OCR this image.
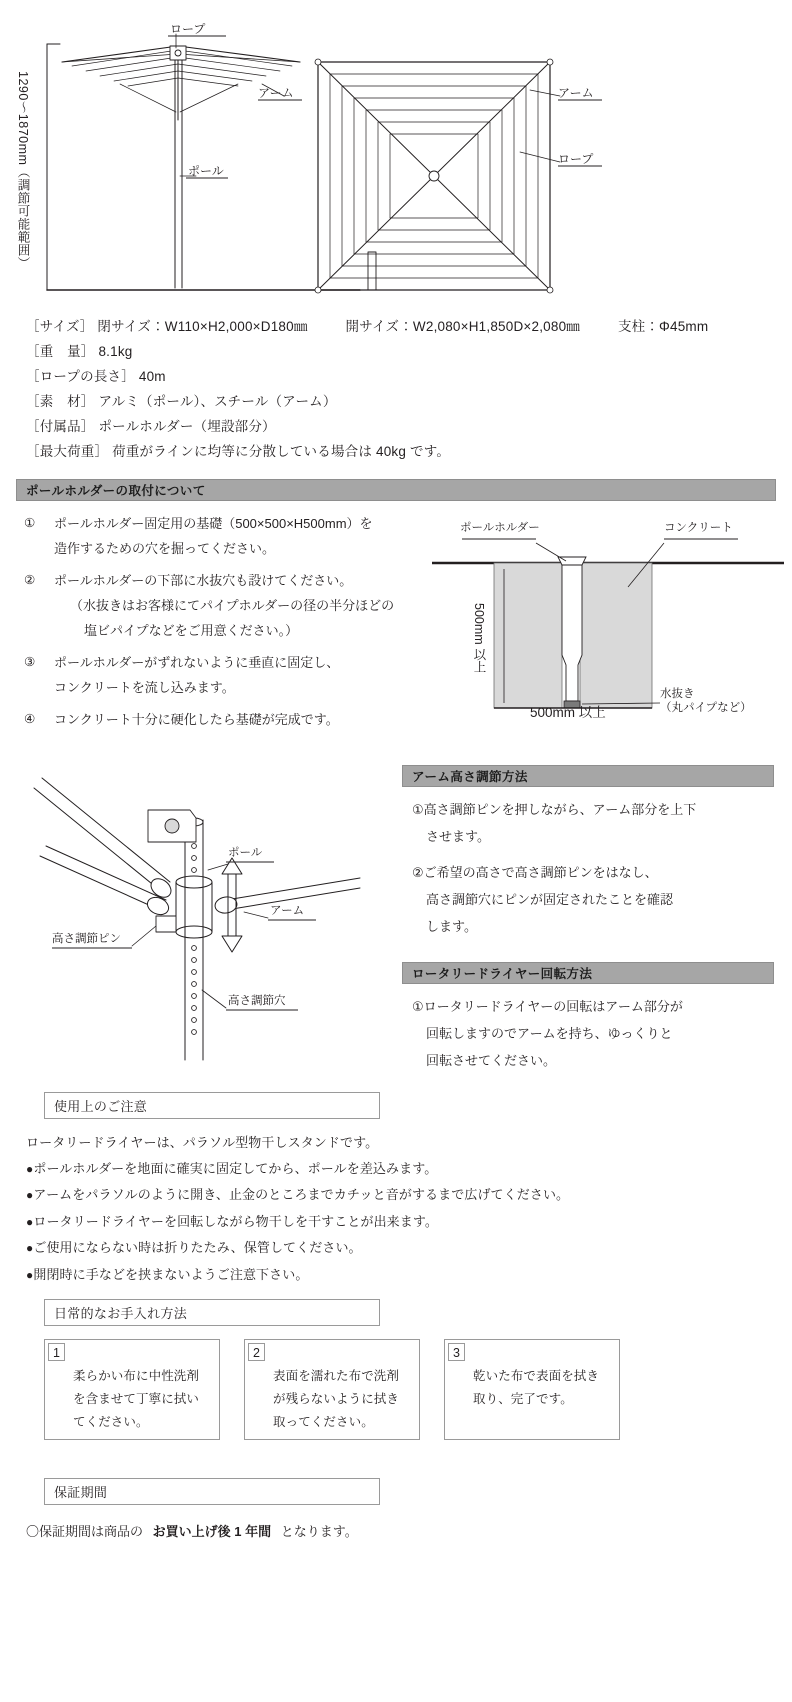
1290〜1870mm（調節可能範囲）
ロープ
アーム
ポール
アーム
ロープ
［サイズ］ 閉サイズ：W110×H2,000×D180㎜	開サイズ：W2,080×H1,850D×2,080㎜	支柱：Φ45mm
［重　量］ 8.1kg
［ロープの長さ］ 40m
［素　材］ アルミ（ポール）、スチール（アーム）
［付属品］ ポールホルダー（埋設部分）
［最大荷重］ 荷重がラインに均等に分散している場合は 40kg です。
ポールホルダーの取付について
①	ポールホルダー固定用の基礎（500×500×H500mm）を
造作するための穴を掘ってください。
②	ポールホルダーの下部に水抜穴も設けてください。
（水抜きはお客様にてパイプホルダーの径の半分ほどの
塩ビパイプなどをご用意ください。）
③	ポールホルダーがずれないように垂直に固定し、
コンクリートを流し込みます。
④	コンクリート十分に硬化したら基礎が完成です。
ポールホルダー	コンクリート
500mm 以上
水抜き
（丸パイプなど）
500mm 以上
ポール
アーム
高さ調節ピン
高さ調節穴
アーム高さ調節方法
①高さ調節ピンを押しながら、アーム部分を上下
させます。
②ご希望の高さで高さ調節ピンをはなし、
高さ調節穴にピンが固定されたことを確認
します。
ロータリードライヤー回転方法
①ロータリードライヤーの回転はアーム部分が
回転しますのでアームを持ち、ゆっくりと
回転させてください。
使用上のご注意
ロータリードライヤーは、パラソル型物干しスタンドです。
●ポールホルダーを地面に確実に固定してから、ポールを差込みます。
●アームをパラソルのように開き、止金のところまでカチッと音がするまで広げてください。
●ロータリードライヤーを回転しながら物干しを干すことが出来ます。
●ご使用にならない時は折りたたみ、保管してください。
●開閉時に手などを挟まないようご注意下さい。
日常的なお手入れ方法
1
柔らかい布に中性洗剤を含ませて丁寧に拭いてください。
2
表面を濡れた布で洗剤が残らないように拭き取ってください。
3
乾いた布で表面を拭き取り、完了です。
保証期間
〇保証期間は商品の お買い上げ後 1 年間 となります。
